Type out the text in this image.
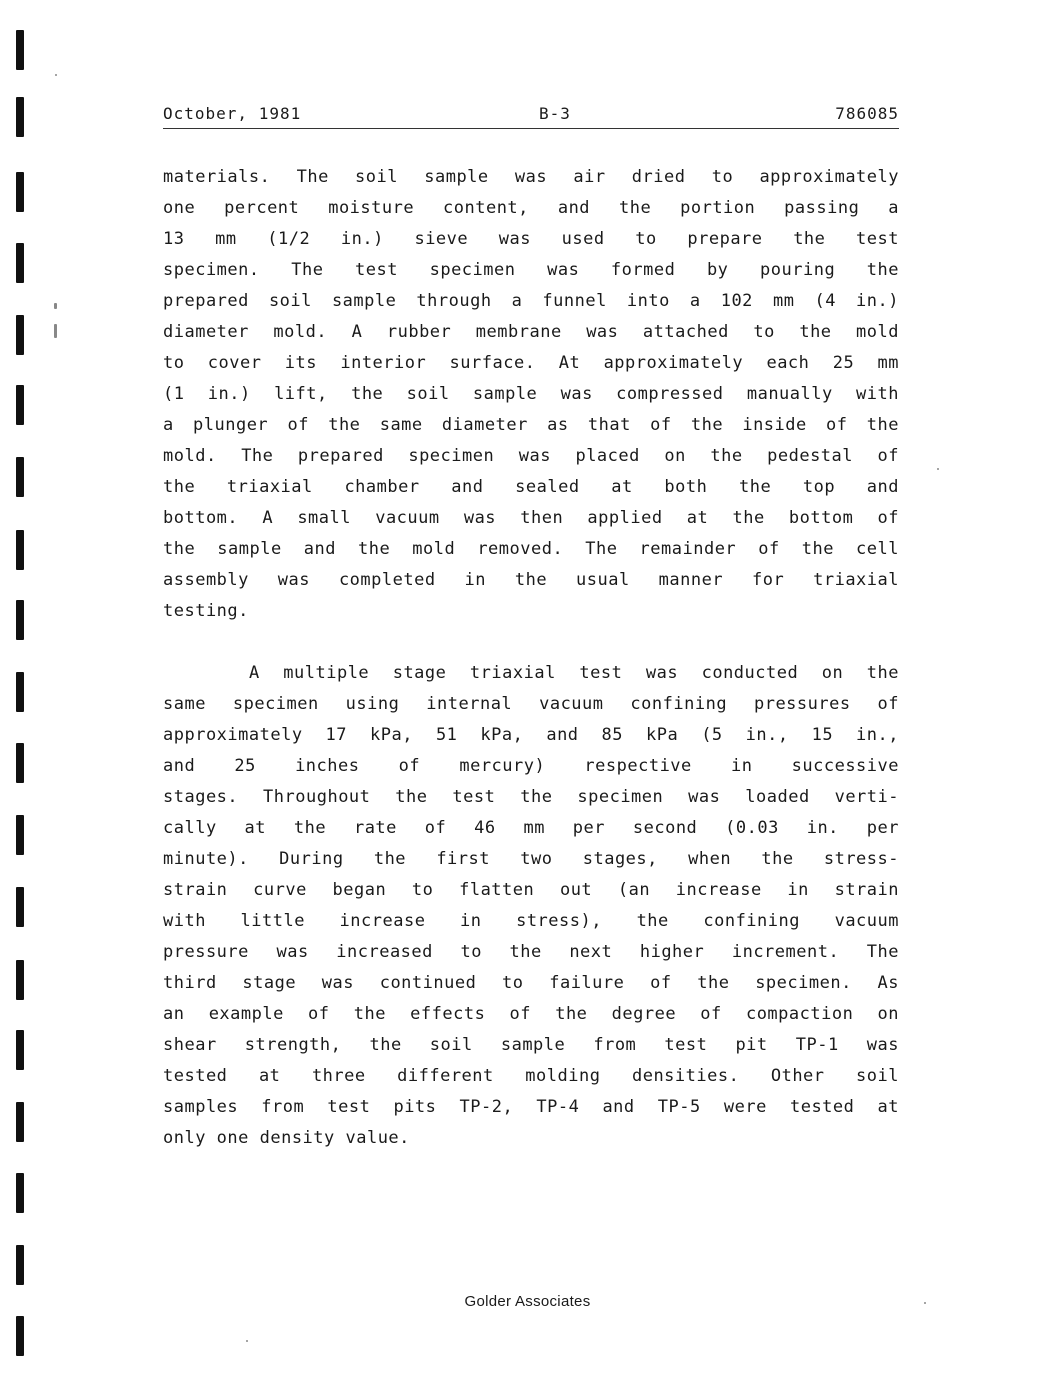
October, 1981	B-3	786085
materials. The soil sample was air dried to approximately
one percent moisture content, and the portion passing a
13 mm (1/2 in.) sieve was used to prepare the test
specimen. The test specimen was formed by pouring the
prepared soil sample through a funnel into a 102 mm (4 in.)
diameter mold. A rubber membrane was attached to the mold
to cover its interior surface. At approximately each 25 mm
(1 in.) lift, the soil sample was compressed manually with
a plunger of the same diameter as that of the inside of the
mold. The prepared specimen was placed on the pedestal of
the triaxial chamber and sealed at both the top and
bottom. A small vacuum was then applied at the bottom of
the sample and the mold removed. The remainder of the cell
assembly was completed in the usual manner for triaxial
testing.
A multiple stage triaxial test was conducted on the
same specimen using internal vacuum confining pressures of
approximately 17 kPa, 51 kPa, and 85 kPa (5 in., 15 in.,
and 25 inches of mercury) respective in successive
stages. Throughout the test the specimen was loaded verti-
cally at the rate of 46 mm per second (0.03 in. per
minute). During the first two stages, when the stress-
strain curve began to flatten out (an increase in strain
with little increase in stress), the confining vacuum
pressure was increased to the next higher increment. The
third stage was continued to failure of the specimen. As
an example of the effects of the degree of compaction on
shear strength, the soil sample from test pit TP-1 was
tested at three different molding densities. Other soil
samples from test pits TP-2, TP-4 and TP-5 were tested at
only one density value.
Golder Associates
